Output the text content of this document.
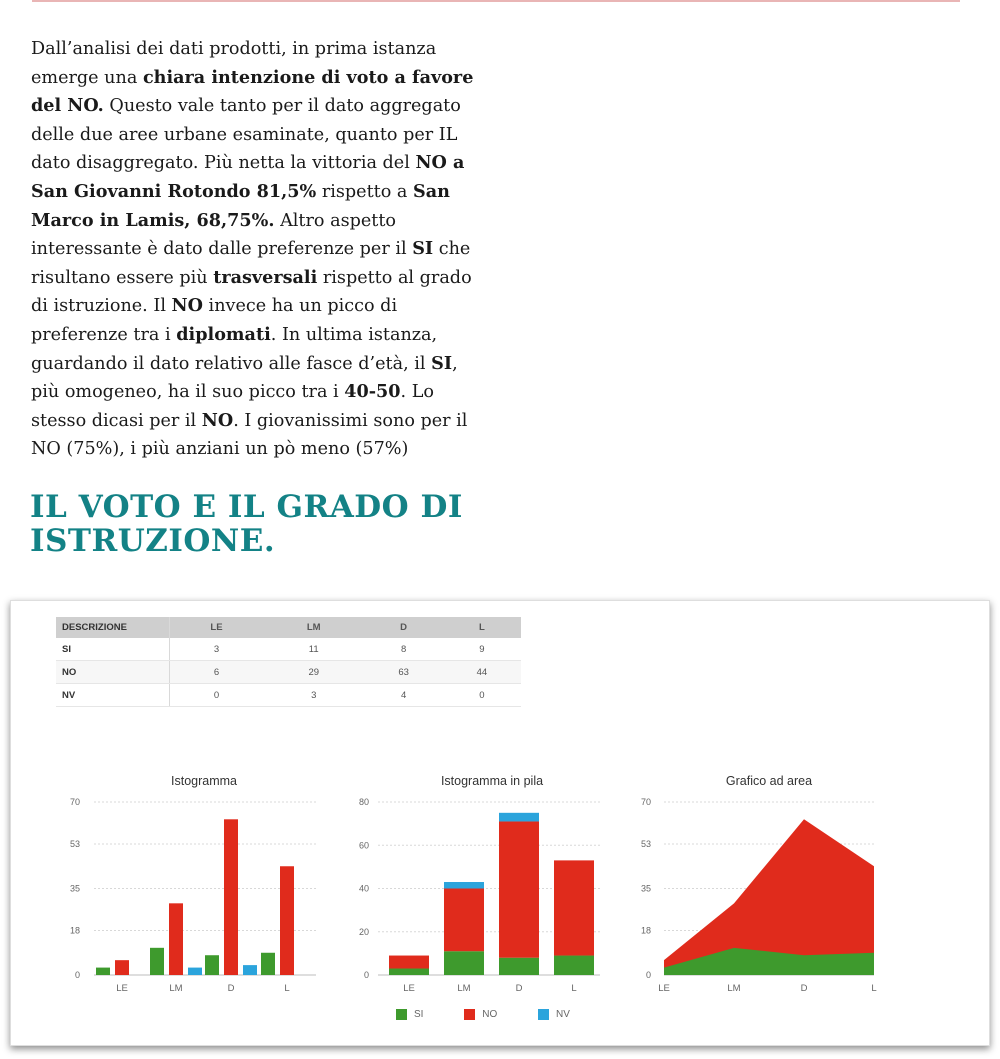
Dall’analisi dei dati prodotti, in prima istanza emerge una chiara intenzione di voto a favore del NO. Questo vale tanto per il dato aggregato delle due aree urbane esaminate, quanto per IL dato disaggregato. Più netta la vittoria del NO a San Giovanni Rotondo 81,5% rispetto a San Marco in Lamis, 68,75%. Altro aspetto interessante è dato dalle preferenze per il SI che risultano essere più trasversali rispetto al grado di istruzione. Il NO invece ha un picco di preferenze tra i diplomati. In ultima istanza, guardando il dato relativo alle fasce d’età, il SI, più omogeneo, ha il suo picco tra i 40-50. Lo stesso dicasi per il NO. I giovanissimi sono per il NO (75%), i più anziani un pò meno (57%)

IL VOTO E IL GRADO DI
ISTRUZIONE.
DESCRIZIONE	LE	LM	D	L
SI	3	11	8	9
NO	6	29	63	44
NV	0	3	4	0
Istogramma
0
18
35
53
70
LE	LM	D	L
Istogramma in pila
0
20
40
60
80
LE	LM	D	L
Grafico ad area
0
18
35
53
70
LE	LM	D	L
SI	NO	NV
